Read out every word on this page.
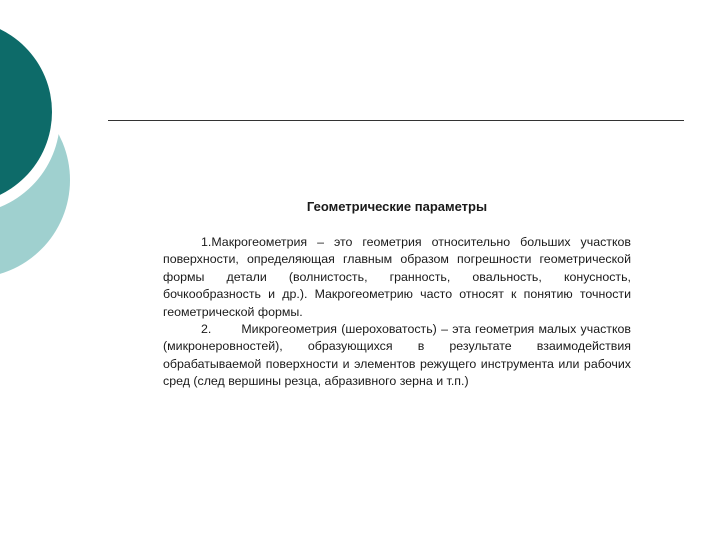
Геометрические параметры

1.Макрогеометрия – это геометрия относительно больших участков поверхности, определяющая главным образом погрешности геометрической формы детали (волнистость, гранность, овальность, конусность, бочкообразность и др.). Макрогеометрию часто относят к понятию точности геометрической формы.

2. Микрогеометрия (шероховатость) – эта геометрия малых участков (микронеровностей), образующихся в результате взаимодействия обрабатываемой поверхности и элементов режущего инструмента или рабочих сред (след вершины резца, абразивного зерна и т.п.)
